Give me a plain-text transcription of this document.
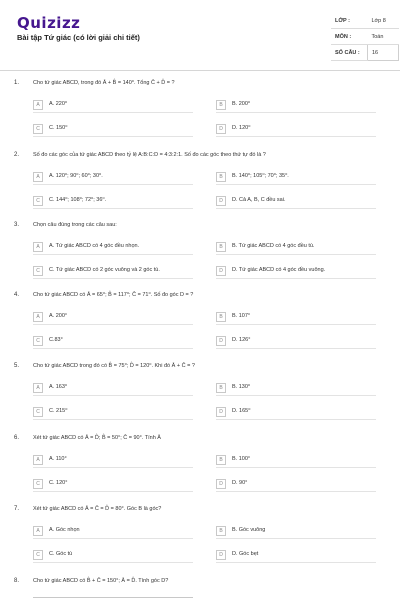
Quizizz
Bài tập Tứ giác (có lời giải chi tiết)
LỚP :	Lớp 8
MÔN :	Toán
SỐ CÂU :	16
1.	Cho tứ giác ABCD, trong đó Â + B̂ = 140⁰. Tổng Ĉ + D̂ = ?
A	A. 220⁰	B	B. 200⁰
C	C. 150⁰	D	D. 120⁰
2.	Số đo các góc của tứ giác ABCD theo tỷ lệ A:B:C:D = 4:3:2:1. Số đo các góc theo thứ tự đó là ?
A	A. 120⁰; 90⁰; 60⁰; 30⁰.	B	B. 140⁰; 105⁰; 70⁰; 35⁰.
C	C. 144⁰; 108⁰; 72⁰; 36⁰.	D	D. Cả A, B, C đều sai.
3.	Chọn câu đúng trong các câu sau:
A	A. Tứ giác ABCD có 4 góc đều nhọn.	B	B. Tứ giác ABCD có 4 góc đều tù.
C	C. Tứ giác ABCD có 2 góc vuông và 2 góc tù.	D	D. Tứ giác ABCD có 4 góc đều vuông.
4.	Cho tứ giác ABCD có Â = 65⁰; B̂ = 117⁰; Ĉ = 71⁰. Số đo góc D = ?
A	A. 200°	B	B. 107°
C	C.83°	D	D. 126°
5.	Cho tứ giác ABCD trong đó có B̂ = 75⁰; D̂ = 120⁰. Khi đó Â + Ĉ = ?
A	A. 163⁰	B	B. 130⁰
C	C. 215⁰	D	D. 165⁰
6.	Xét tứ giác ABCD có Â = D̂; B̂ = 50°; Ĉ = 90°. Tính Â
A	A. 110°	B	B. 100°
C	C. 120°	D	D. 90°
7.	Xét tứ giác ABCD có Â = Ĉ = D̂ = 80°. Góc B là góc?
A	A. Góc nhọn	B	B. Góc vuông
C	C. Góc tù	D	D. Góc bẹt
8.	Cho tứ giác ABCD có B̂ + Ĉ = 150°; Â = D̂. Tính góc D?
